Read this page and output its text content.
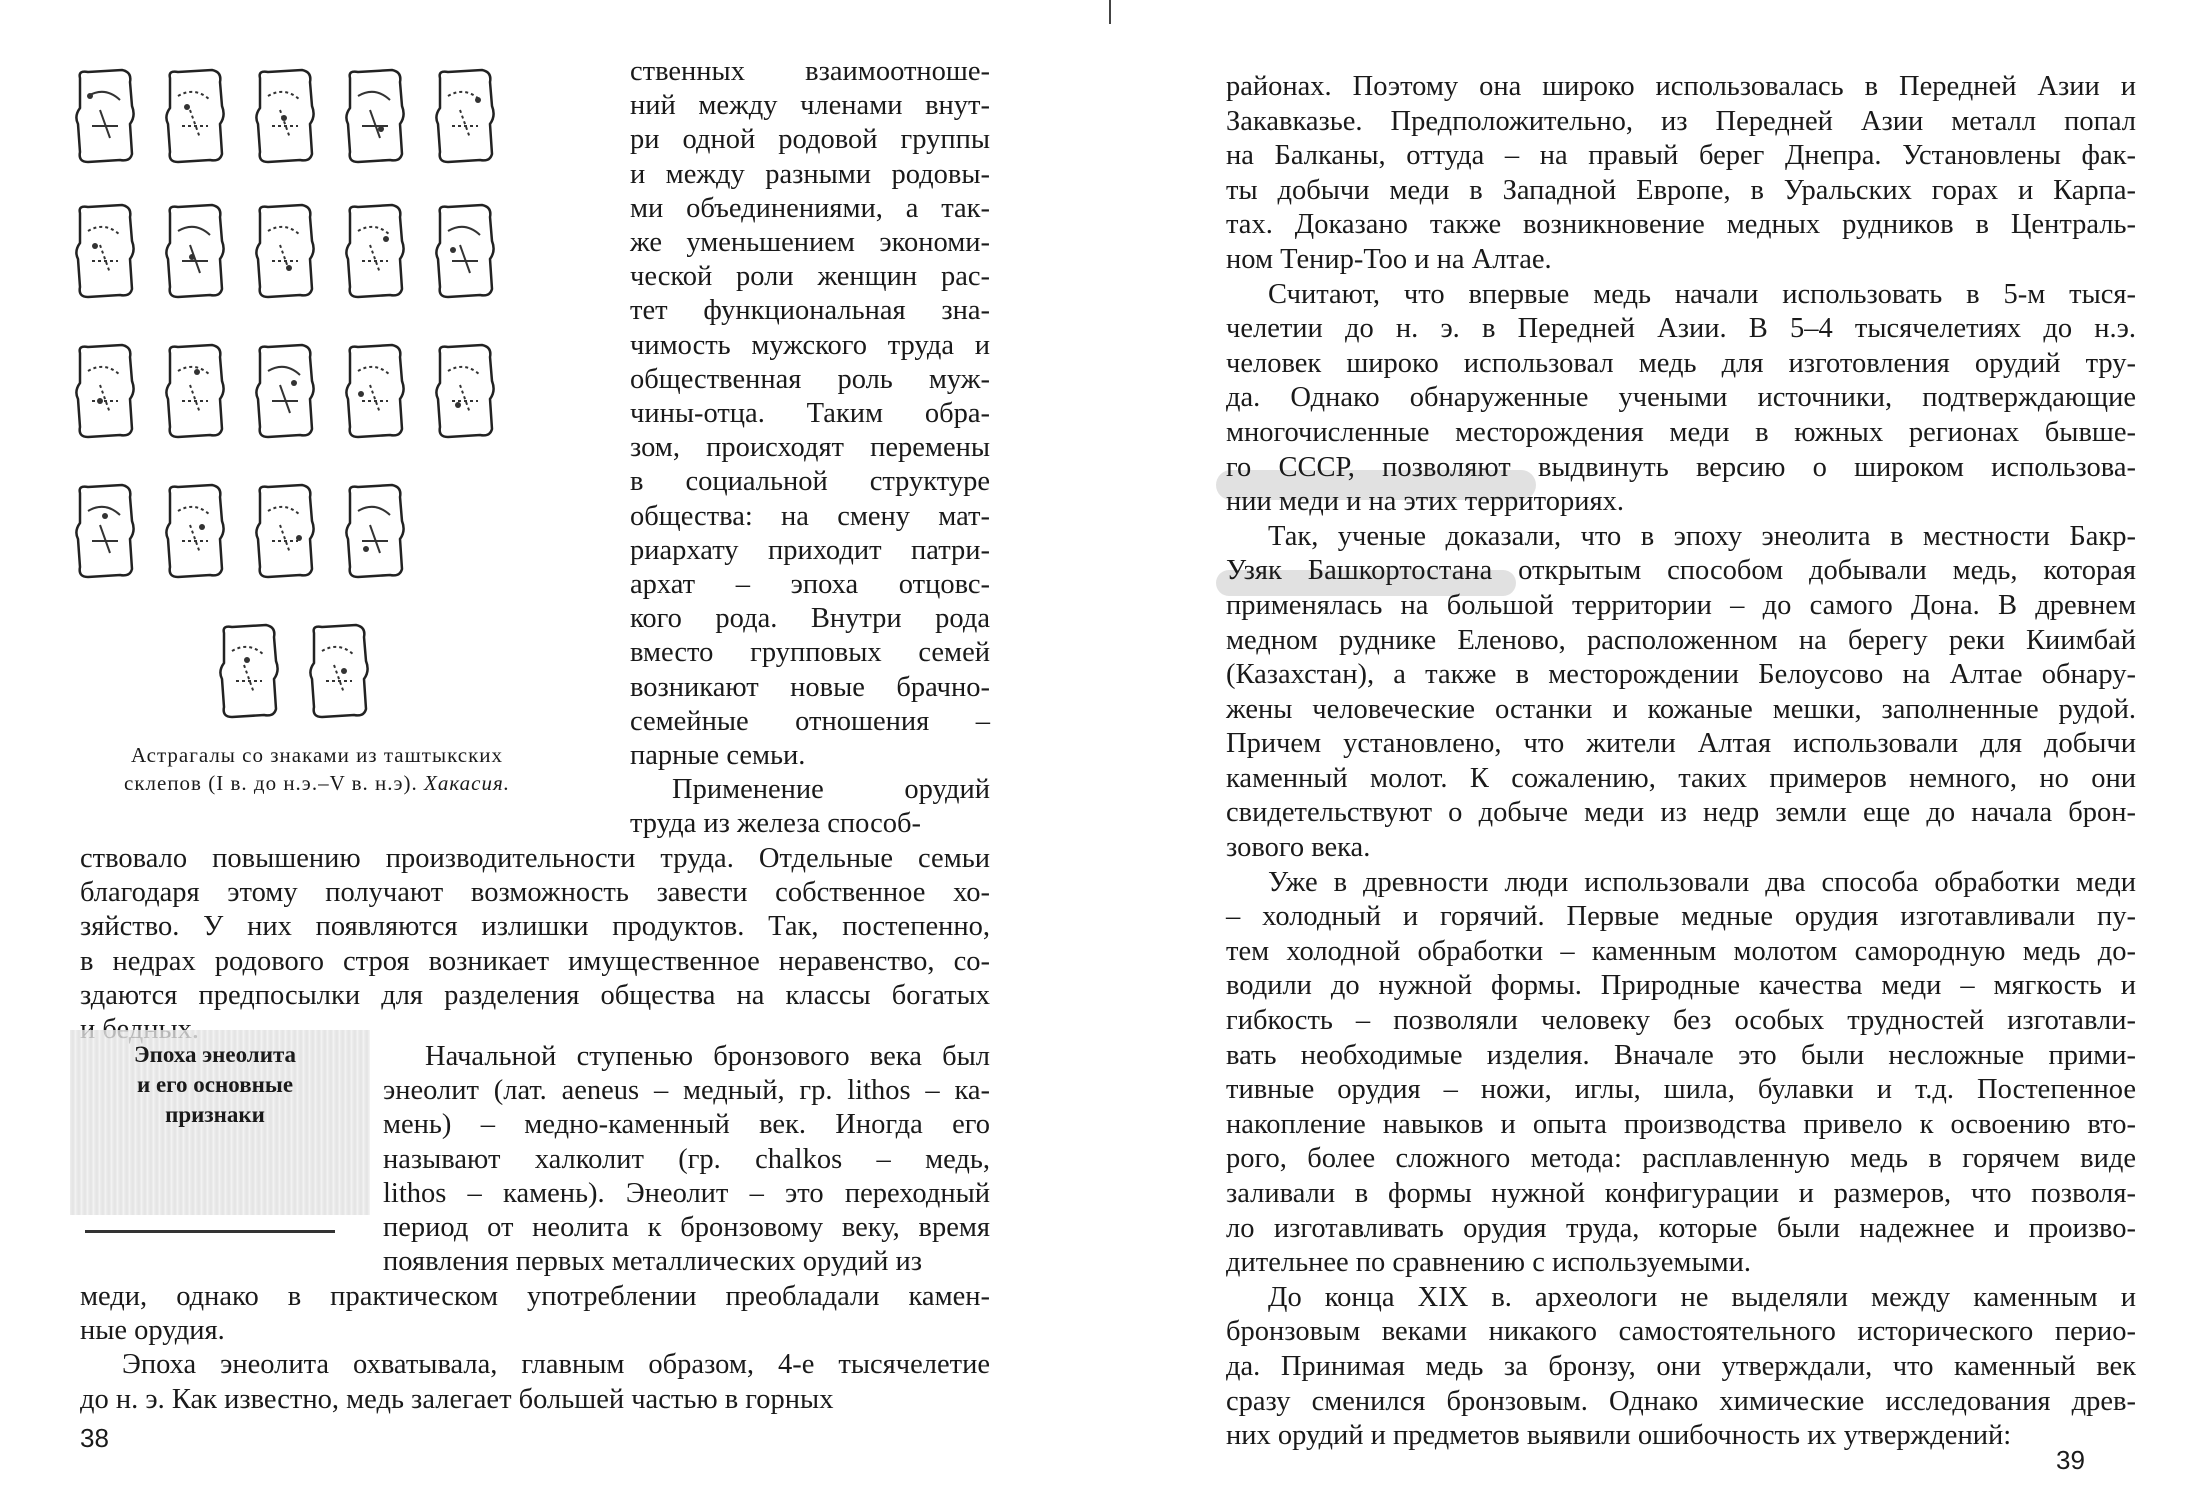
Астрагалы со знаками из таштыкских
склепов (I в. до н.э.–V в. н.э). Хакасия.
ственных взаимоотноше-
ний между членами внут-
ри одной родовой группы
и между разными родовы-
ми объединениями, а так-
же уменьшением экономи-
ческой роли женщин рас-
тет функциональная зна-
чимость мужского труда и
общественная роль муж-
чины-отца. Таким обра-
зом, происходят перемены
в социальной структуре
общества: на смену мат-
риархату приходит патри-
архат – эпоха отцовс-
кого рода. Внутри рода
вместо групповых семей
возникают новые брачно-
семейные отношения –
парные семьи.
Применение орудий
труда из железа способ-
ствовало повышению производительности труда. Отдельные семьи
благодаря этому получают возможность завести собственное хо-
зяйство. У них появляются излишки продуктов. Так, постепенно,
в недрах родового строя возникает имущественное неравенство, со-
здаются предпосылки для разделения общества на классы богатых
Эпоха энеолита
и его основные
признаки
Начальной ступенью бронзового века был
энеолит (лат. aeneus – медный, гр. lithos – ка-
мень) – медно-каменный век. Иногда его
называют халколит (гр. chalkos – медь,
lithos – камень). Энеолит – это переходный
период от неолита к бронзовому веку, время
появления первых металлических орудий из
меди, однако в практическом употреблении преобладали камен-
ные орудия.
Эпоха энеолита охватывала, главным образом, 4-е тысячелетие
до н. э. Как известно, медь залегает большей частью в горных
38
районах. Поэтому она широко использовалась в Передней Азии и
Закавказье. Предположительно, из Передней Азии металл попал
на Балканы, оттуда – на правый берег Днепра. Установлены фак-
ты добычи меди в Западной Европе, в Уральских горах и Карпа-
тах. Доказано также возникновение медных рудников в Централь-
ном Тенир-Тоо и на Алтае.
Считают, что впервые медь начали использовать в 5-м тыся-
челетии до н. э. в Передней Азии. В 5–4 тысячелетиях до н.э.
человек широко использовал медь для изготовления орудий тру-
да. Однако обнаруженные учеными источники, подтверждающие
многочисленные месторождения меди в южных регионах бывше-
го СССР, позволяют выдвинуть версию о широком использова-
нии меди и на этих территориях.
Так, ученые доказали, что в эпоху энеолита в местности Бакр-
Узяк Башкортостана открытым способом добывали медь, которая
применялась на большой территории – до самого Дона. В древнем
медном руднике Еленово, расположенном на берегу реки Киимбай
(Казахстан), а также в месторождении Белоусово на Алтае обнару-
жены человеческие останки и кожаные мешки, заполненные рудой.
Причем установлено, что жители Алтая использовали для добычи
каменный молот. К сожалению, таких примеров немного, но они
свидетельствуют о добыче меди из недр земли еще до начала брон-
зового века.
Уже в древности люди использовали два способа обработки меди
– холодный и горячий. Первые медные орудия изготавливали пу-
тем холодной обработки – каменным молотом самородную медь до-
водили до нужной формы. Природные качества меди – мягкость и
гибкость – позволяли человеку без особых трудностей изготавли-
вать необходимые изделия. Вначале это были несложные прими-
тивные орудия – ножи, иглы, шила, булавки и т.д. Постепенное
накопление навыков и опыта производства привело к освоению вто-
рого, более сложного метода: расплавленную медь в горячем виде
заливали в формы нужной конфигурации и размеров, что позволя-
ло изготавливать орудия труда, которые были надежнее и произво-
дительнее по сравнению с используемыми.
До конца XIX в. археологи не выделяли между каменным и
бронзовым веками никакого самостоятельного исторического перио-
да. Принимая медь за бронзу, они утверждали, что каменный век
сразу сменился бронзовым. Однако химические исследования древ-
них орудий и предметов выявили ошибочность их утверждений:
39
